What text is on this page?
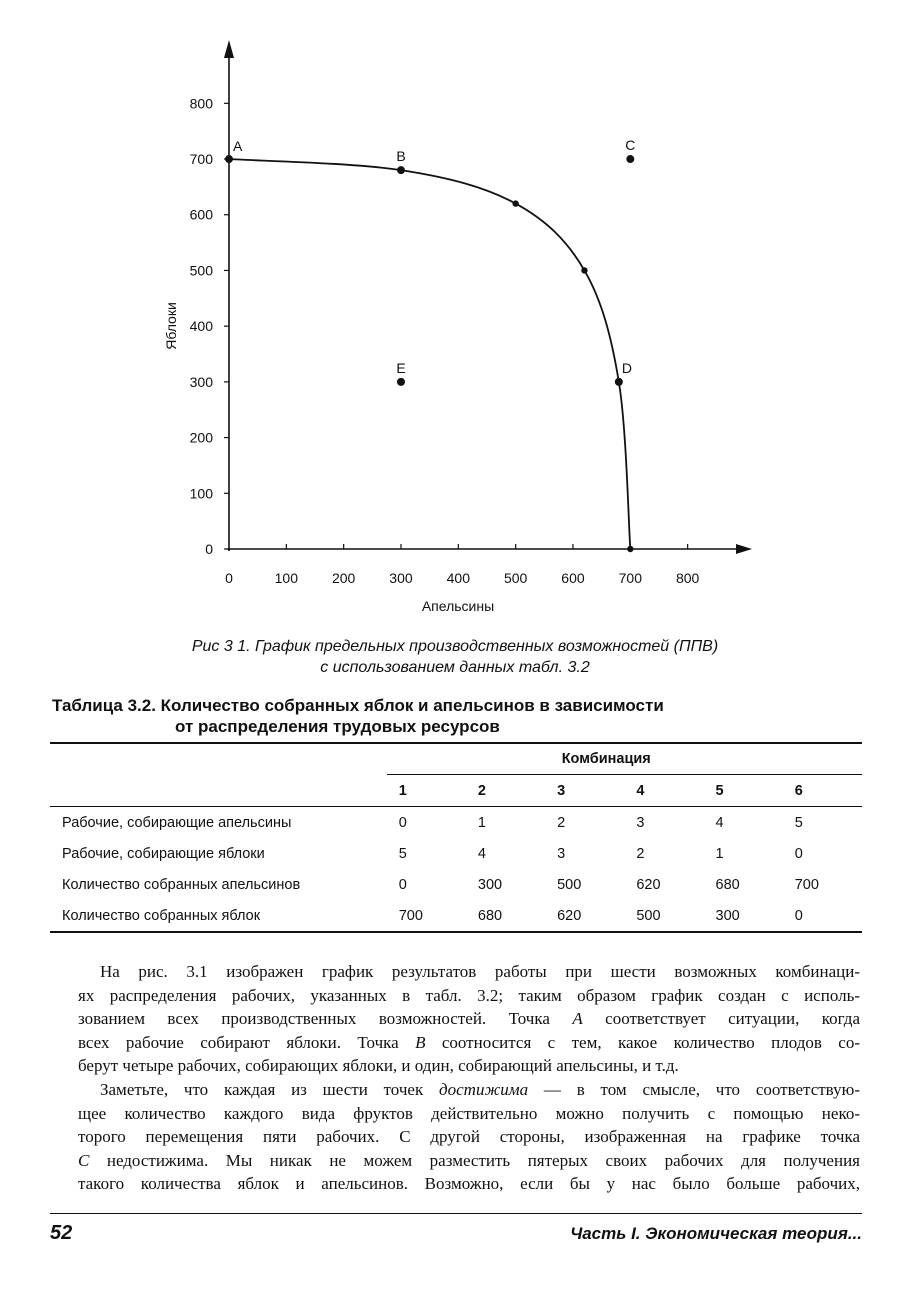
0	100 200 300 400 500 600 700 800
0
100
200
300
400
500
600
700
800
A
B
C
D
E
Апельсины
Яблоки
Рис 3 1. График предельных производственных возможностей (ППВ)
с использованием данных табл. 3.2
Таблица 3.2. Количество собранных яблок и апельсинов в зависимости
от распределения трудовых ресурсов
	Комбинация					
	1	2	3	4	5	6
Рабочие, собирающие апельсины	0	1	2	3	4	5
Рабочие, собирающие яблоки	5	4	3	2	1	0
Количество собранных апельсинов	0	300	500	620	680	700
Количество собранных яблок	700	680	620	500	300	0
На рис. 3.1 изображен график результатов работы при шести возможных комбинаци-
ях распределения рабочих, указанных в табл. 3.2; таким образом график создан с исполь-
зованием всех производственных возможностей. Точка А соответствует ситуации, когда
всех рабочие собирают яблоки. Точка В соотносится с тем, какое количество плодов со-
берут четыре рабочих, собирающих яблоки, и один, собирающий апельсины, и т.д.
Заметьте, что каждая из шести точек достижима — в том смысле, что соответствую-
щее количество каждого вида фруктов действительно можно получить с помощью неко-
торого перемещения пяти рабочих. С другой стороны, изображенная на графике точка
С недостижима. Мы никак не можем разместить пятерых своих рабочих для получения
такого количества яблок и апельсинов. Возможно, если бы у нас было больше рабочих,
52	Часть I. Экономическая теория...
